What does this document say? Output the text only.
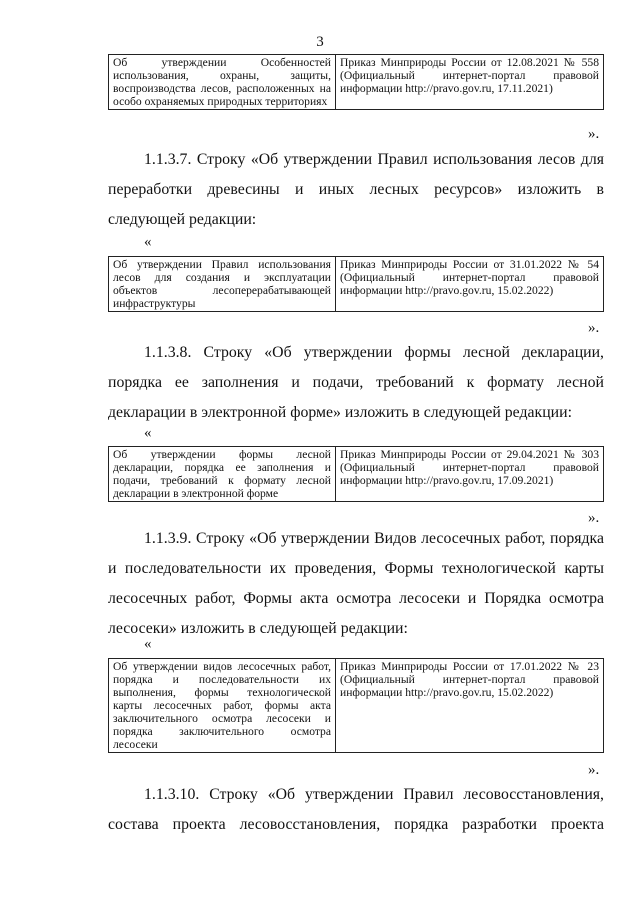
3
Об утверждении Особенностей использования, охраны, защиты, воспроизводства лесов, расположенных на особо охраняемых природных территориях	Приказ Минприроды России от 12.08.2021 № 558 (Официальный интернет-портал правовой информации http://pravo.gov.ru, 17.11.2021)
».

1.1.3.7. Строку «Об утверждении Правил использования лесов для переработки древесины и иных лесных ресурсов» изложить в следующей редакции:

«
Об утверждении Правил использования лесов для создания и эксплуатации объектов лесоперерабатывающей инфраструктуры	Приказ Минприроды России от 31.01.2022 № 54 (Официальный интернет-портал правовой информации http://pravo.gov.ru, 15.02.2022)
».

1.1.3.8. Строку «Об утверждении формы лесной декларации, порядка ее заполнения и подачи, требований к формату лесной декларации в электронной форме» изложить в следующей редакции:

«
Об утверждении формы лесной декларации, порядка ее заполнения и подачи, требований к формату лесной декларации в электронной форме	Приказ Минприроды России от 29.04.2021 № 303 (Официальный интернет-портал правовой информации http://pravo.gov.ru, 17.09.2021)
».

1.1.3.9. Строку «Об утверждении Видов лесосечных работ, порядка и последовательности их проведения, Формы технологической карты лесосечных работ, Формы акта осмотра лесосеки и Порядка осмотра лесосеки» изложить в следующей редакции:

«
Об утверждении видов лесосечных работ, порядка и последовательности их выполнения, формы технологической карты лесосечных работ, формы акта заключительного осмотра лесосеки и порядка заключительного осмотра лесосеки	Приказ Минприроды России от 17.01.2022 № 23 (Официальный интернет-портал правовой информации http://pravo.gov.ru, 15.02.2022)
».

1.1.3.10. Строку «Об утверждении Правил лесовосстановления, состава проекта лесовосстановления, порядка разработки проекта
